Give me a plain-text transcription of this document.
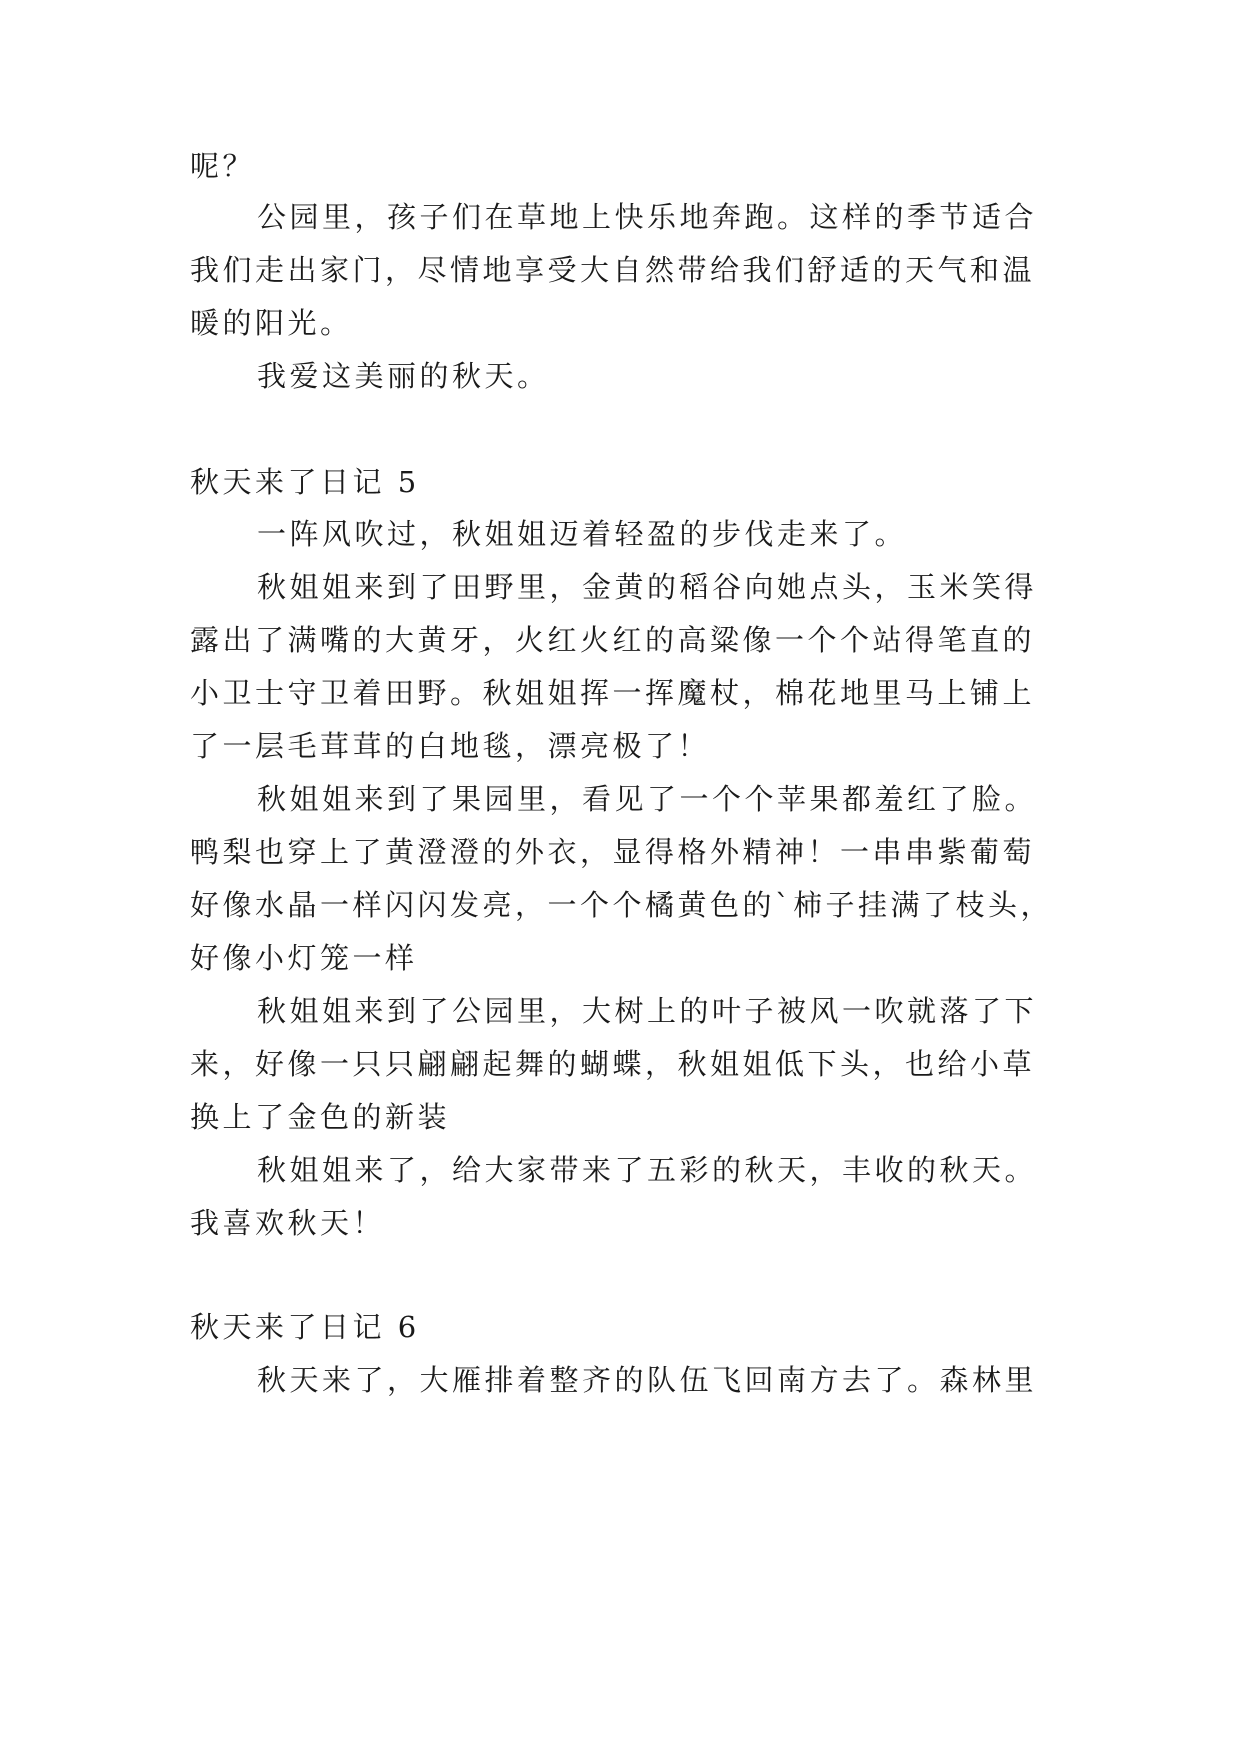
呢？
公园里，孩子们在草地上快乐地奔跑。这样的季节适合
我们走出家门，尽情地享受大自然带给我们舒适的天气和温
暖的阳光。
我爱这美丽的秋天。
秋天来了日记 5
一阵风吹过，秋姐姐迈着轻盈的步伐走来了。
秋姐姐来到了田野里，金黄的稻谷向她点头，玉米笑得
露出了满嘴的大黄牙，火红火红的高粱像一个个站得笔直的
小卫士守卫着田野。秋姐姐挥一挥魔杖，棉花地里马上铺上
了一层毛茸茸的白地毯，漂亮极了！
秋姐姐来到了果园里，看见了一个个苹果都羞红了脸。
鸭梨也穿上了黄澄澄的外衣，显得格外精神！一串串紫葡萄
好像水晶一样闪闪发亮，一个个橘黄色的`柿子挂满了枝头，
好像小灯笼一样
秋姐姐来到了公园里，大树上的叶子被风一吹就落了下
来，好像一只只翩翩起舞的蝴蝶，秋姐姐低下头，也给小草
换上了金色的新装
秋姐姐来了，给大家带来了五彩的秋天，丰收的秋天。
我喜欢秋天！
秋天来了日记 6
秋天来了，大雁排着整齐的队伍飞回南方去了。森林里
